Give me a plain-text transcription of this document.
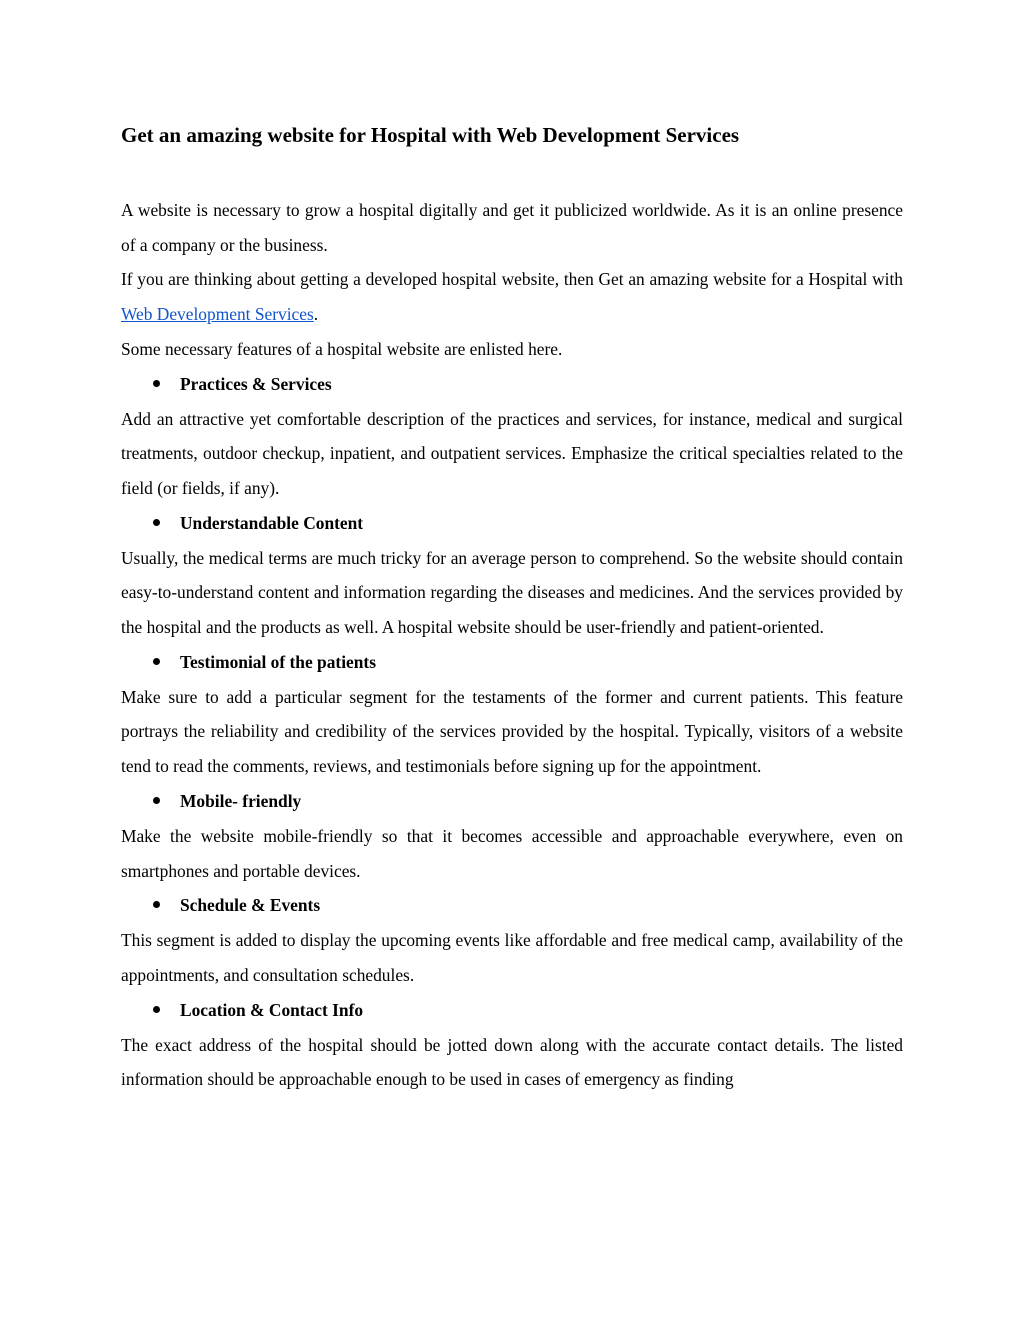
Get an amazing website for Hospital with Web Development Services

A website is necessary to grow a hospital digitally and get it publicized worldwide. As it is an online presence of a company or the business.

If you are thinking about getting a developed hospital website, then Get an amazing website for a Hospital with Web Development Services.

Some necessary features of a hospital website are enlisted here.

Practices & Services

Add an attractive yet comfortable description of the practices and services, for instance, medical and surgical treatments, outdoor checkup, inpatient, and outpatient services. Emphasize the critical specialties related to the field (or fields, if any).

Understandable Content

Usually, the medical terms are much tricky for an average person to comprehend. So the website should contain easy-to-understand content and information regarding the diseases and medicines. And the services provided by the hospital and the products as well. A hospital website should be user-friendly and patient-oriented.

Testimonial of the patients

Make sure to add a particular segment for the testaments of the former and current patients. This feature portrays the reliability and credibility of the services provided by the hospital. Typically, visitors of a website tend to read the comments, reviews, and testimonials before signing up for the appointment.

Mobile- friendly

Make the website mobile-friendly so that it becomes accessible and approachable everywhere, even on smartphones and portable devices.

Schedule & Events

This segment is added to display the upcoming events like affordable and free medical camp, availability of the appointments, and consultation schedules.

Location & Contact Info

The exact address of the hospital should be jotted down along with the accurate contact details. The listed information should be approachable enough to be used in cases of emergency as finding
